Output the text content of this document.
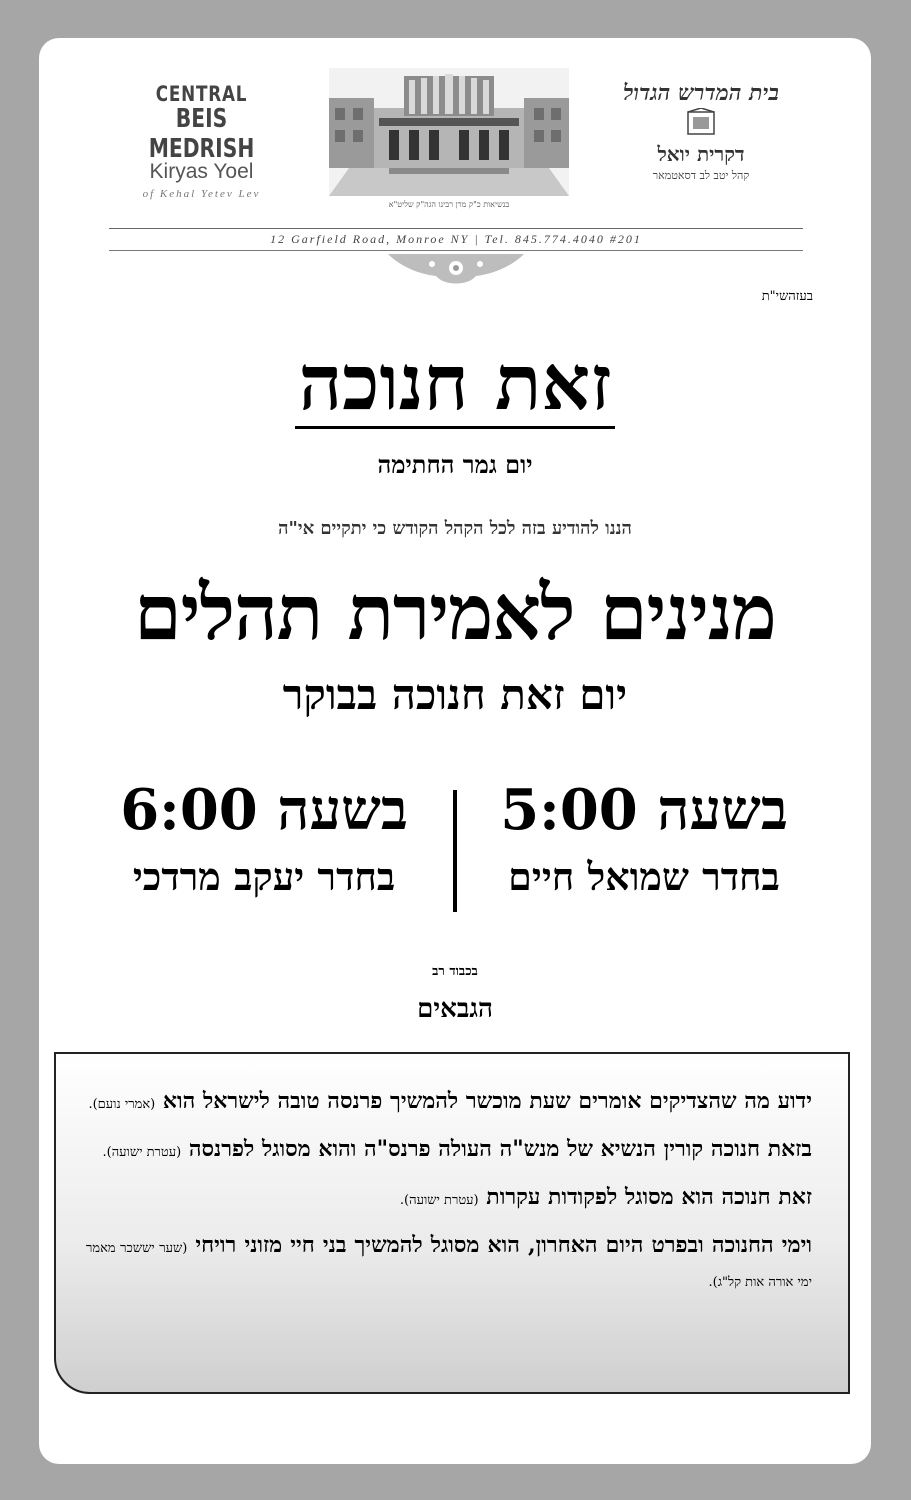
CENTRAL
BEIS MEDRISH
Kiryas Yoel
of Kehal Yetev Lev
בנשיאות כ"ק מרן רבינו הגה"ק שליט"א
בית המדרש הגדול
דקרית יואל
קהל יטב לב דסאטמאר
12 Garfield Road, Monroe NY | Tel. 845.774.4040 #201
בעזהשי"ת
זאת חנוכה
יום גמר החתימה
הננו להודיע בזה לכל הקהל הקודש כי יתקיים אי"ה
מנינים לאמירת תהלים
יום זאת חנוכה בבוקר
בשעה 5:00
בחדר שמואל חיים
בשעה 6:00
בחדר יעקב מרדכי
בכבוד רב
הגבאים

ידוע מה שהצדיקים אומרים שעת מוכשר להמשיך פרנסה טובה לישראל הוא (אמרי נועם).

בזאת חנוכה קורין הנשיא של מנש"ה העולה פרנס"ה והוא מסוגל לפרנסה (עטרת ישועה).

זאת חנוכה הוא מסוגל לפקודות עקרות (עטרת ישועה).

וימי החנוכה ובפרט היום האחרון, הוא מסוגל להמשיך בני חיי מזוני רויחי (שער יששכר מאמר ימי אורה אות קל"ג).
